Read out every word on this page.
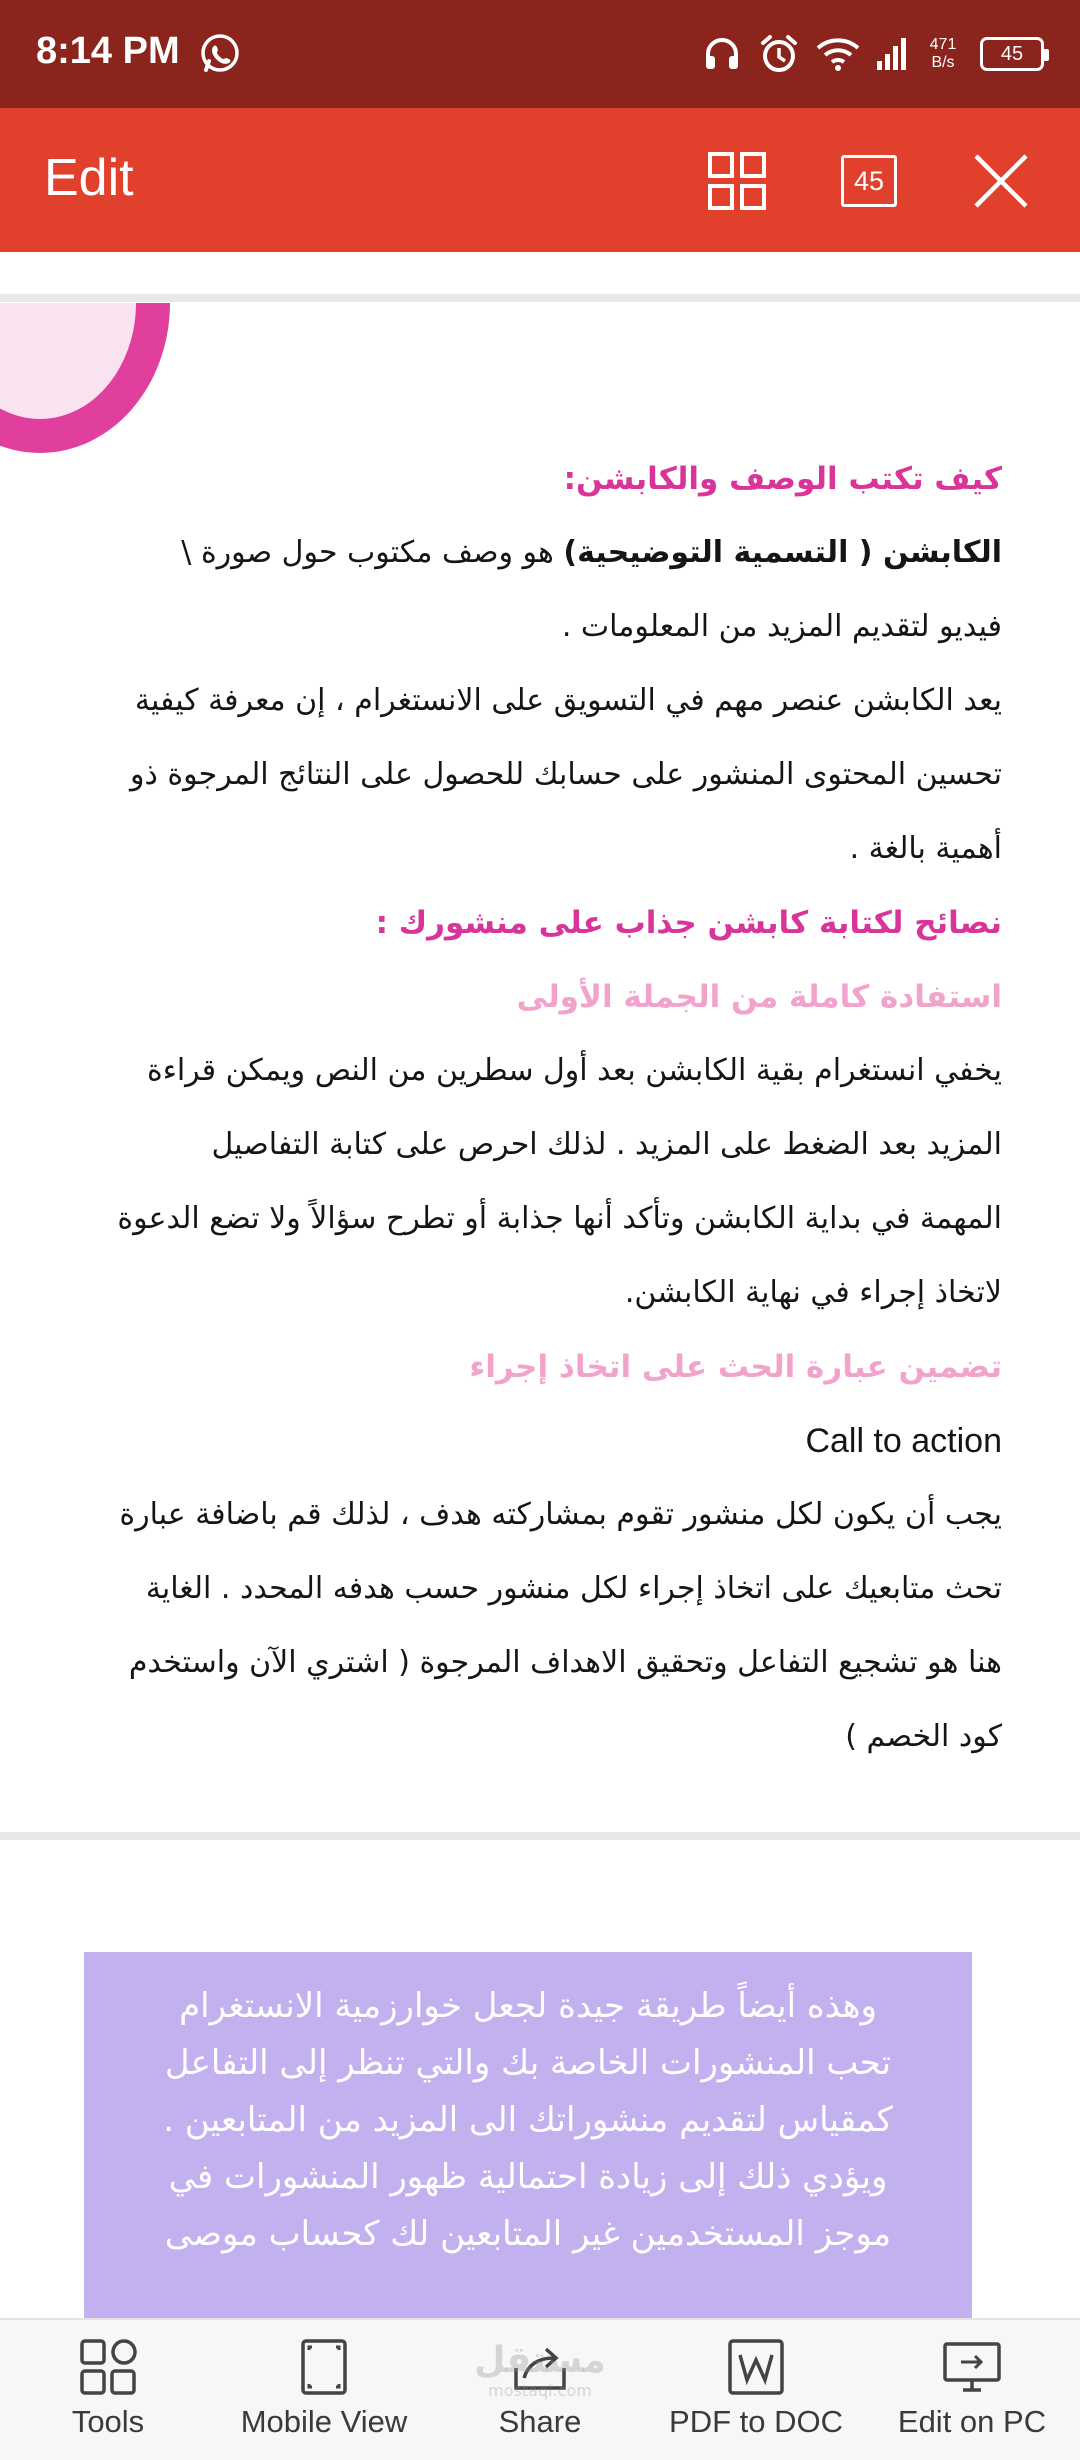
8:14 PM	471
B/s	45
Edit	45
كيف تكتب الوصف والكابشن:
الكابشن ( التسمية التوضيحية) هو وصف مكتوب حول صورة \
فيديو لتقديم المزيد من المعلومات .
يعد الكابشن عنصر مهم في التسويق على الانستغرام ، إن معرفة كيفية
تحسين المحتوى المنشور على حسابك للحصول على النتائج المرجوة ذو
أهمية بالغة .
نصائح لكتابة كابشن جذاب على منشورك :
استفادة كاملة من الجملة الأولى
يخفي انستغرام بقية الكابشن بعد أول سطرين من النص ويمكن قراءة
المزيد بعد الضغط على المزيد . لذلك احرص على كتابة التفاصيل
المهمة في بداية الكابشن وتأكد أنها جذابة أو تطرح سؤالاً ولا تضع الدعوة
لاتخاذ إجراء في نهاية الكابشن.
تضمين عبارة الحث على اتخاذ إجراء
Call to action
يجب أن يكون لكل منشور تقوم بمشاركته هدف ، لذلك قم باضافة عبارة
تحث متابعيك على اتخاذ إجراء لكل منشور حسب هدفه المحدد . الغاية
هنا هو تشجيع التفاعل وتحقيق الاهداف المرجوة ( اشتري الآن واستخدم
كود الخصم )
وهذه أيضاً طريقة جيدة لجعل خوارزمية الانستغرام
تحب المنشورات الخاصة بك والتي تنظر إلى التفاعل
كمقياس لتقديم منشوراتك الى المزيد من المتابعين .
ويؤدي ذلك إلى زيادة احتمالية ظهور المنشورات في
موجز المستخدمين غير المتابعين لك كحساب موصى
Tools	Mobile View	Share	PDF to DOC Edit on PC
مستقل
mostaql.com
